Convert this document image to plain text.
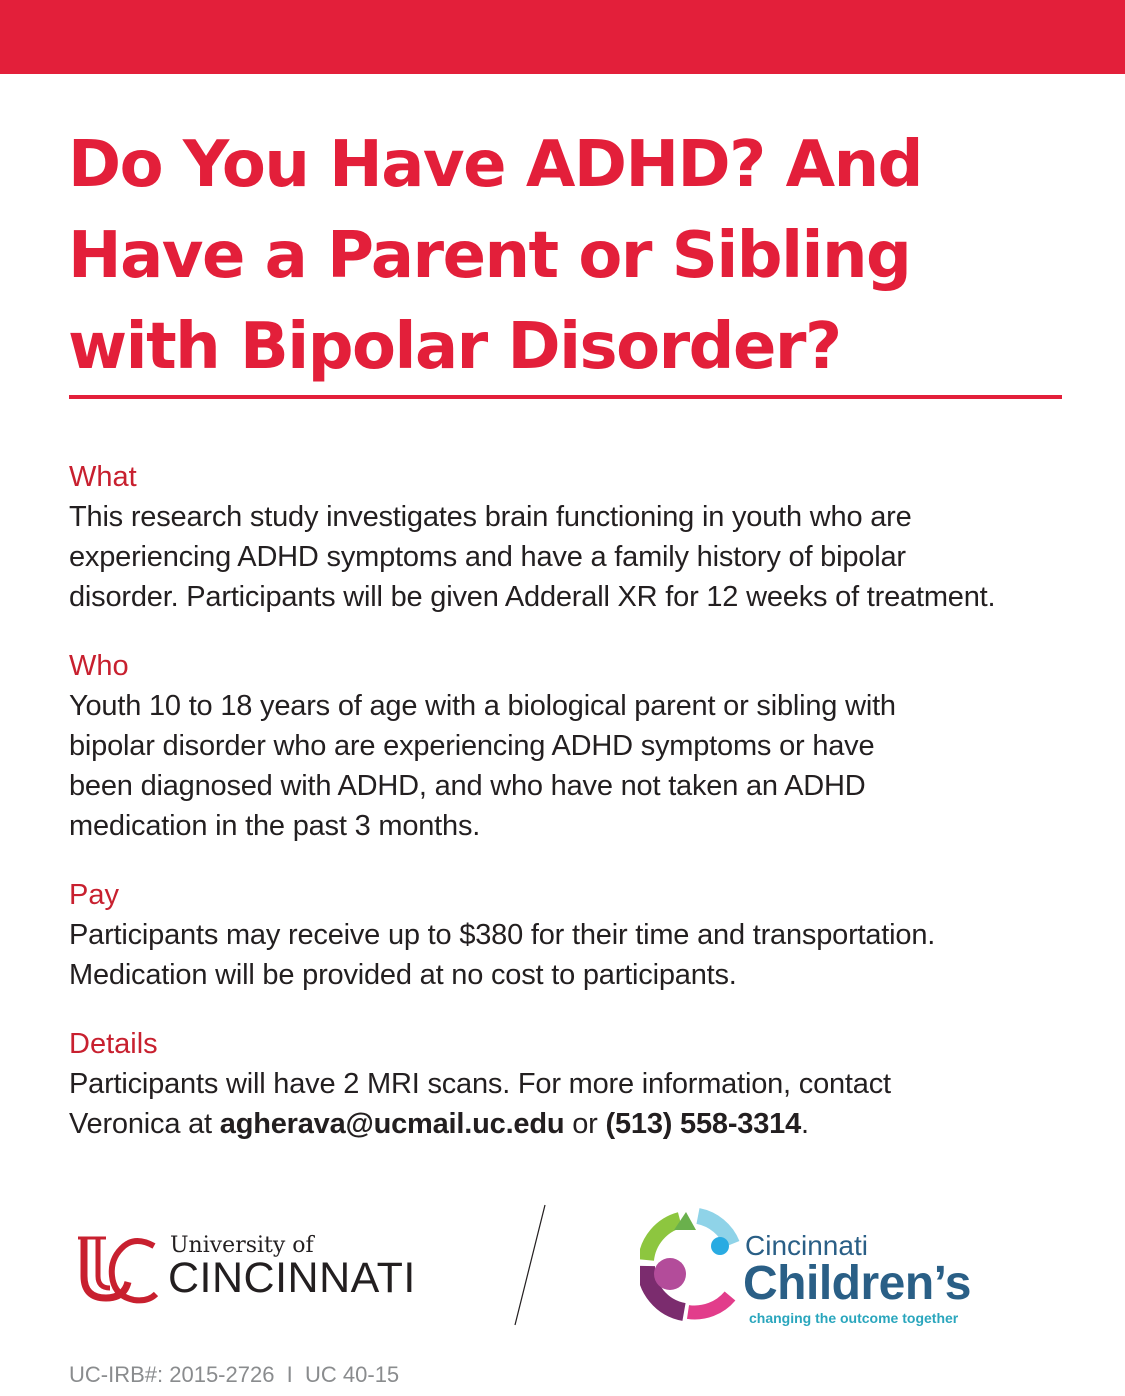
Do You Have ADHD? And
Have a Parent or Sibling
with Bipolar Disorder?

What

This research study investigates brain functioning in youth who are
experiencing ADHD symptoms and have a family history of bipolar
disorder. Participants will be given Adderall XR for 12 weeks of treatment.

Who

Youth 10 to 18 years of age with a biological parent or sibling with
bipolar disorder who are experiencing ADHD symptoms or have
been diagnosed with ADHD, and who have not taken an ADHD
medication in the past 3 months.

Pay

Participants may receive up to $380 for their time and transportation.
Medication will be provided at no cost to participants.

Details

Participants will have 2 MRI scans. For more information, contact
Veronica at agherava@ucmail.uc.edu or (513) 558-3314.

University of
CINCINNATI
Cincinnati
Children’s
changing the outcome together
UC-IRB#: 2015-2726  I  UC 40-15
